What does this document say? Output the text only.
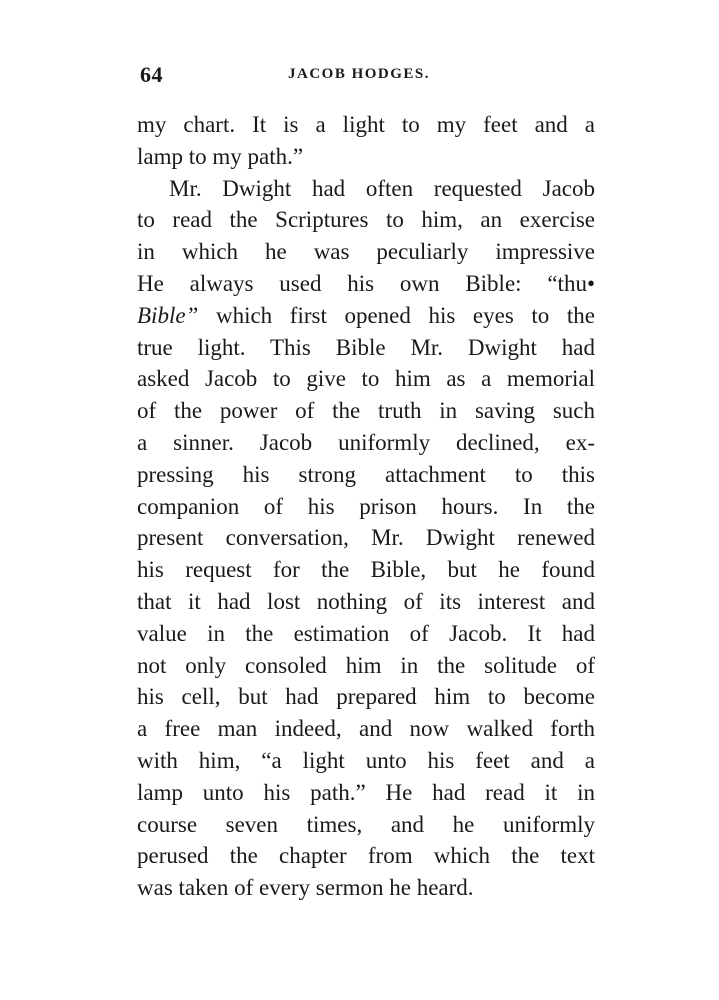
64	JACOB HODGES.
my chart. It is a light to my feet and a
lamp to my path.”
Mr. Dwight had often requested Jacob
to read the Scriptures to him, an exercise
in which he was peculiarly impressive
He always used his own Bible: “thu•
Bible” which first opened his eyes to the
true light. This Bible Mr. Dwight had
asked Jacob to give to him as a memorial
of the power of the truth in saving such
a sinner. Jacob uniformly declined, ex-
pressing his strong attachment to this
companion of his prison hours. In the
present conversation, Mr. Dwight renewed
his request for the Bible, but he found
that it had lost nothing of its interest and
value in the estimation of Jacob. It had
not only consoled him in the solitude of
his cell, but had prepared him to become
a free man indeed, and now walked forth
with him, “a light unto his feet and a
lamp unto his path.” He had read it in
course seven times, and he uniformly
perused the chapter from which the text
was taken of every sermon he heard.
